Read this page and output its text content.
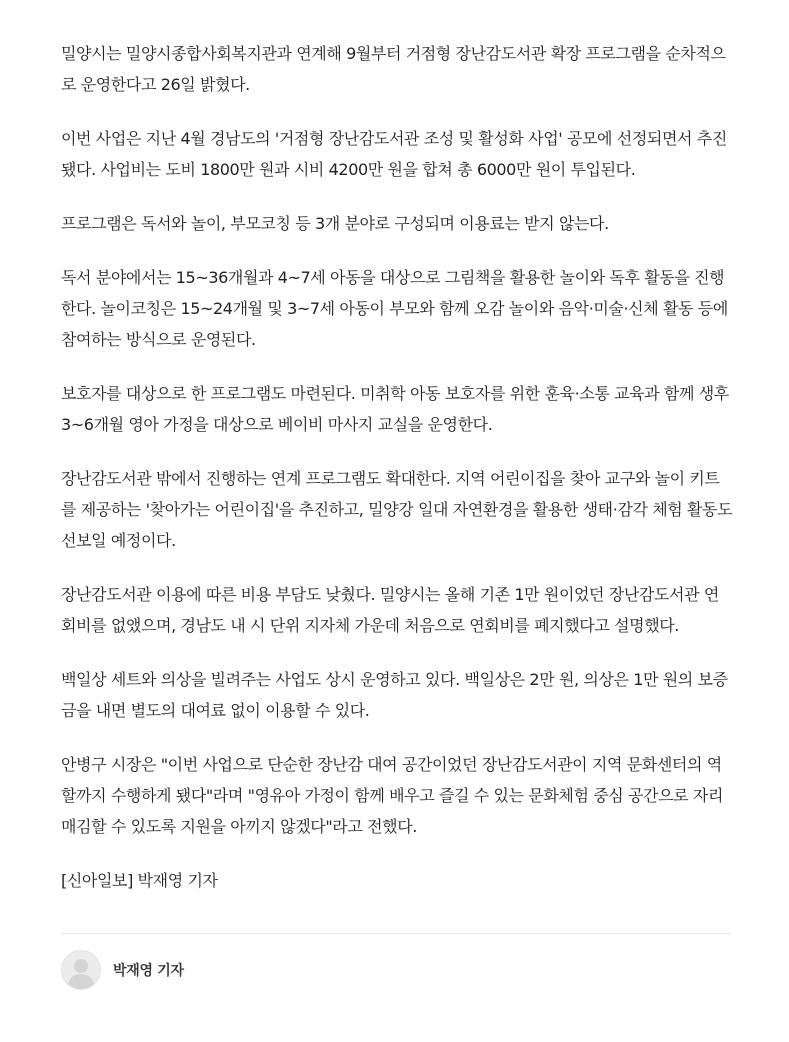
밀양시는 밀양시종합사회복지관과 연계해 9월부터 거점형 장난감도서관 확장 프로그램을 순차적으로 운영한다고 26일 밝혔다.

이번 사업은 지난 4월 경남도의 '거점형 장난감도서관 조성 및 활성화 사업' 공모에 선정되면서 추진됐다. 사업비는 도비 1800만 원과 시비 4200만 원을 합쳐 총 6000만 원이 투입된다.

프로그램은 독서와 놀이, 부모코칭 등 3개 분야로 구성되며 이용료는 받지 않는다.

독서 분야에서는 15~36개월과 4~7세 아동을 대상으로 그림책을 활용한 놀이와 독후 활동을 진행한다. 놀이코칭은 15~24개월 및 3~7세 아동이 부모와 함께 오감 놀이와 음악·미술·신체 활동 등에 참여하는 방식으로 운영된다.

보호자를 대상으로 한 프로그램도 마련된다. 미취학 아동 보호자를 위한 훈육·소통 교육과 함께 생후 3~6개월 영아 가정을 대상으로 베이비 마사지 교실을 운영한다.

장난감도서관 밖에서 진행하는 연계 프로그램도 확대한다. 지역 어린이집을 찾아 교구와 놀이 키트를 제공하는 '찾아가는 어린이집'을 추진하고, 밀양강 일대 자연환경을 활용한 생태·감각 체험 활동도 선보일 예정이다.

장난감도서관 이용에 따른 비용 부담도 낮췄다. 밀양시는 올해 기존 1만 원이었던 장난감도서관 연회비를 없앴으며, 경남도 내 시 단위 지자체 가운데 처음으로 연회비를 폐지했다고 설명했다.

백일상 세트와 의상을 빌려주는 사업도 상시 운영하고 있다. 백일상은 2만 원, 의상은 1만 원의 보증금을 내면 별도의 대여료 없이 이용할 수 있다.

안병구 시장은 "이번 사업으로 단순한 장난감 대여 공간이었던 장난감도서관이 지역 문화센터의 역할까지 수행하게 됐다"라며 "영유아 가정이 함께 배우고 즐길 수 있는 문화체험 중심 공간으로 자리매김할 수 있도록 지원을 아끼지 않겠다"라고 전했다.

[신아일보] 박재영 기자

박재영 기자
